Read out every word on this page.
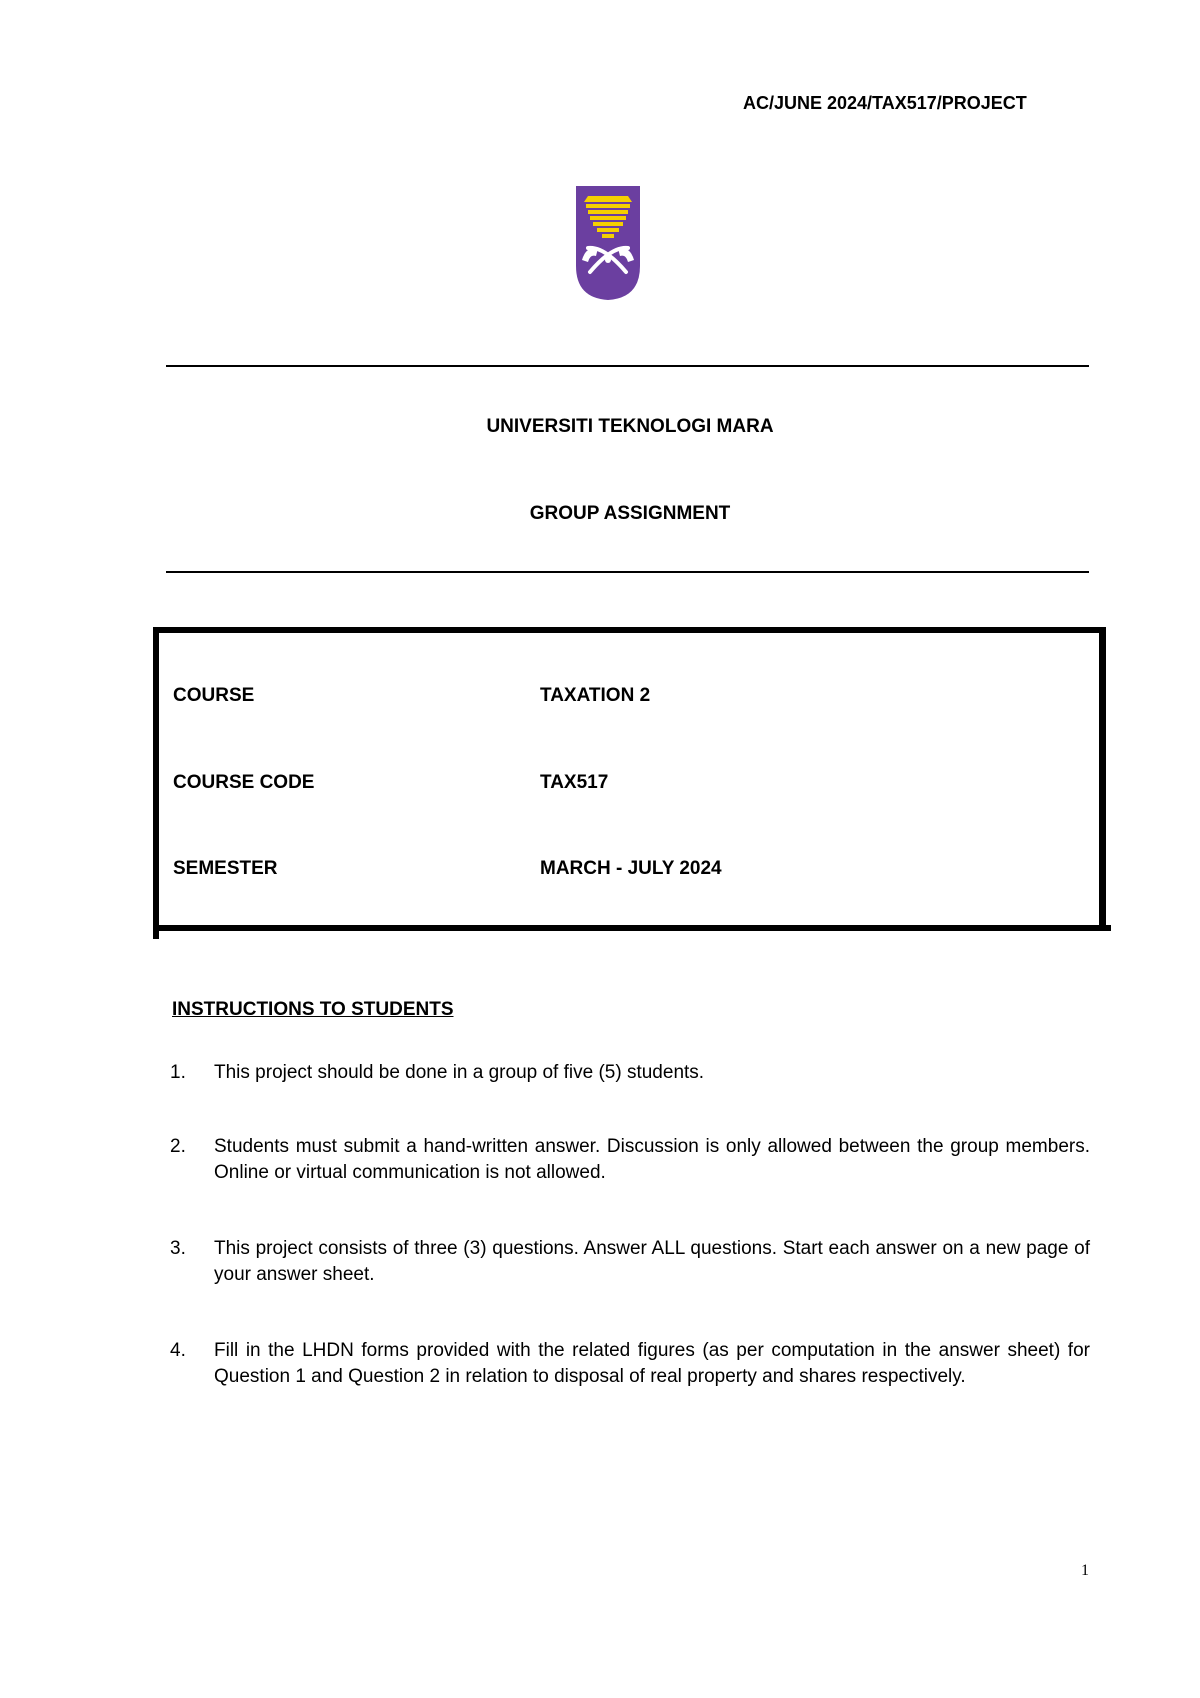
AC/JUNE 2024/TAX517/PROJECT
UNIVERSITI TEKNOLOGI MARA
GROUP ASSIGNMENT
COURSE	TAXATION 2
COURSE CODE	TAX517
SEMESTER	MARCH - JULY 2024
INSTRUCTIONS TO STUDENTS
1. This project should be done in a group of five (5) students.
2. Students must submit a hand-written answer. Discussion is only allowed between the group members. Online or virtual communication is not allowed.
3. This project consists of three (3) questions. Answer ALL questions. Start each answer on a new page of your answer sheet.
4. Fill in the LHDN forms provided with the related figures (as per computation in the answer sheet) for Question 1 and Question 2 in relation to disposal of real property and shares respectively.
1
